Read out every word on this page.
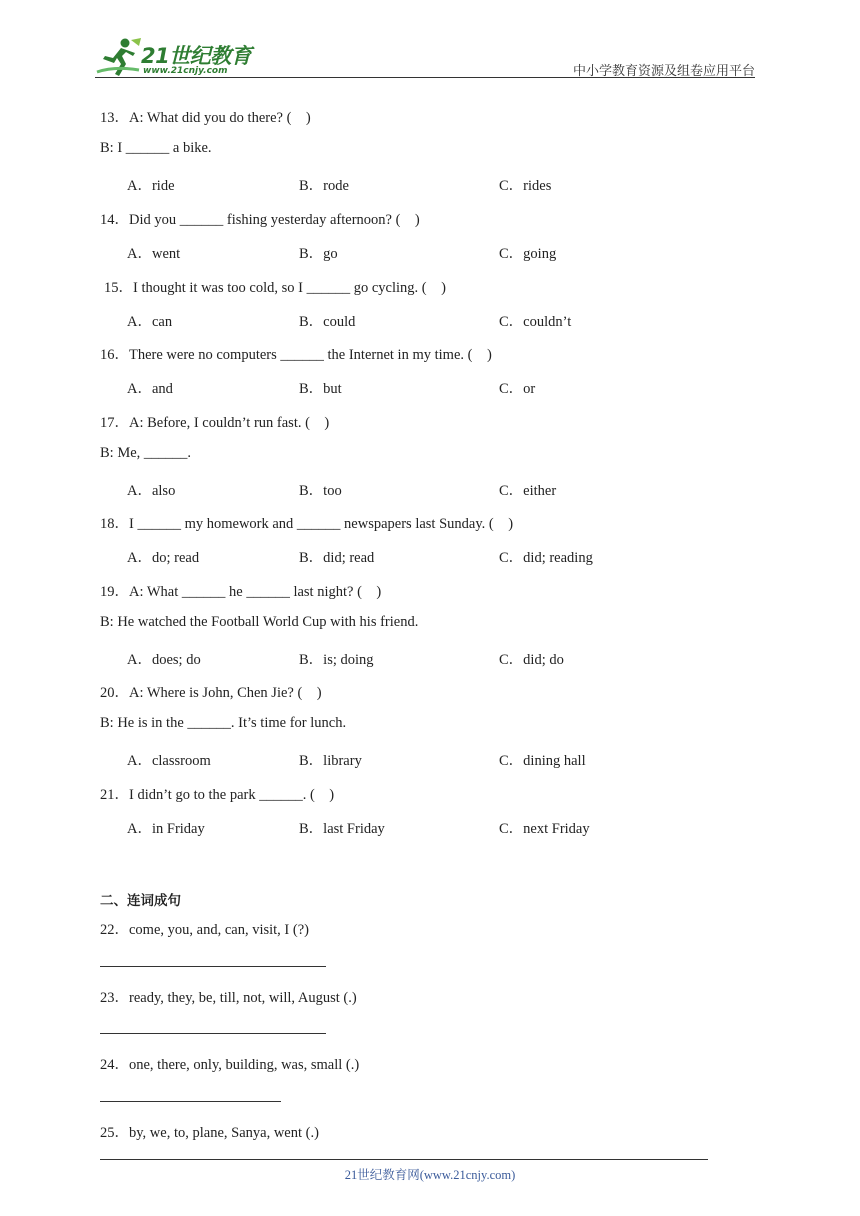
21世纪教育
www.21cnjy.com	中小学教育资源及组卷应用平台
13．A: What did you do there? (    )
B: I ______ a bike.
A．ride	B．rode	C．rides
14．Did you ______ fishing yesterday afternoon? (    )
A．went	B．go	C．going
15．I thought it was too cold, so I ______ go cycling. (    )
A．can	B．could	C．couldn’t
16．There were no computers ______ the Internet in my time. (    )
A．and	B．but	C．or
17．A: Before, I couldn’t run fast. (    )
B: Me, ______.
A．also	B．too	C．either
18．I ______ my homework and ______ newspapers last Sunday. (    )
A．do; read	B．did; read	C．did; reading
19．A: What ______ he ______ last night? (    )
B: He watched the Football World Cup with his friend.
A．does; do	B．is; doing	C．did; do
20．A: Where is John, Chen Jie? (    )
B: He is in the ______. It’s time for lunch.
A．classroom	B．library	C．dining hall
21．I didn’t go to the park ______. (    )
A．in Friday	B．last Friday	C．next Friday
二、连词成句
22．come, you, and, can, visit, I (?)
23．ready, they, be, till, not, will, August (.)
24．one, there, only, building, was, small (.)
25．by, we, to, plane, Sanya, went (.)
21世纪教育网(www.21cnjy.com)
